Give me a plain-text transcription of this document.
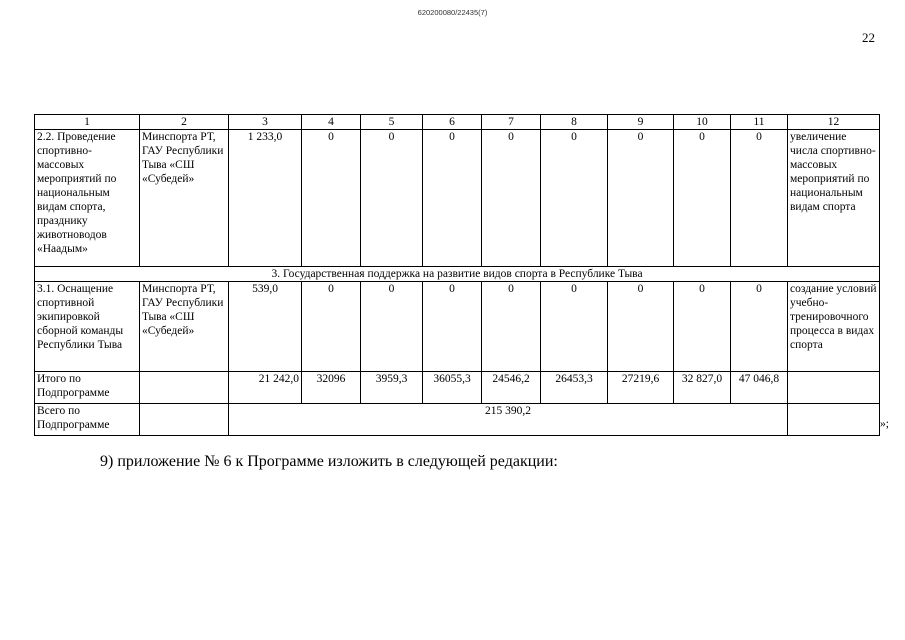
620200080/22435(7)
22
1	2	3	4	5	6	7	8	9	10	11	12
2.2. Проведение спортивно-массовых мероприятий по национальным видам спорта, празднику животноводов «Наадым»	Минспорта РТ, ГАУ Республики Тыва «СШ «Субедей»	1 233,0	0	0	0	0	0	0	0	0	увеличение числа спортивно-массовых мероприятий по национальным видам спорта
3. Государственная поддержка на развитие видов спорта в Республике Тыва											
3.1. Оснащение спортивной экипировкой сборной команды Республики Тыва	Минспорта РТ, ГАУ Республики Тыва «СШ «Субедей»	539,0	0	0	0	0	0	0	0	0	создание условий учебно-тренировочного процесса в видах спорта
Итого по Подпрограмме		21 242,0	32096	3959,3	36055,3	24546,2	26453,3	27219,6	32 827,0	47 046,8	
Всего по Подпрограмме		215 390,2									
»;
9) приложение № 6 к Программе изложить в следующей редакции:
